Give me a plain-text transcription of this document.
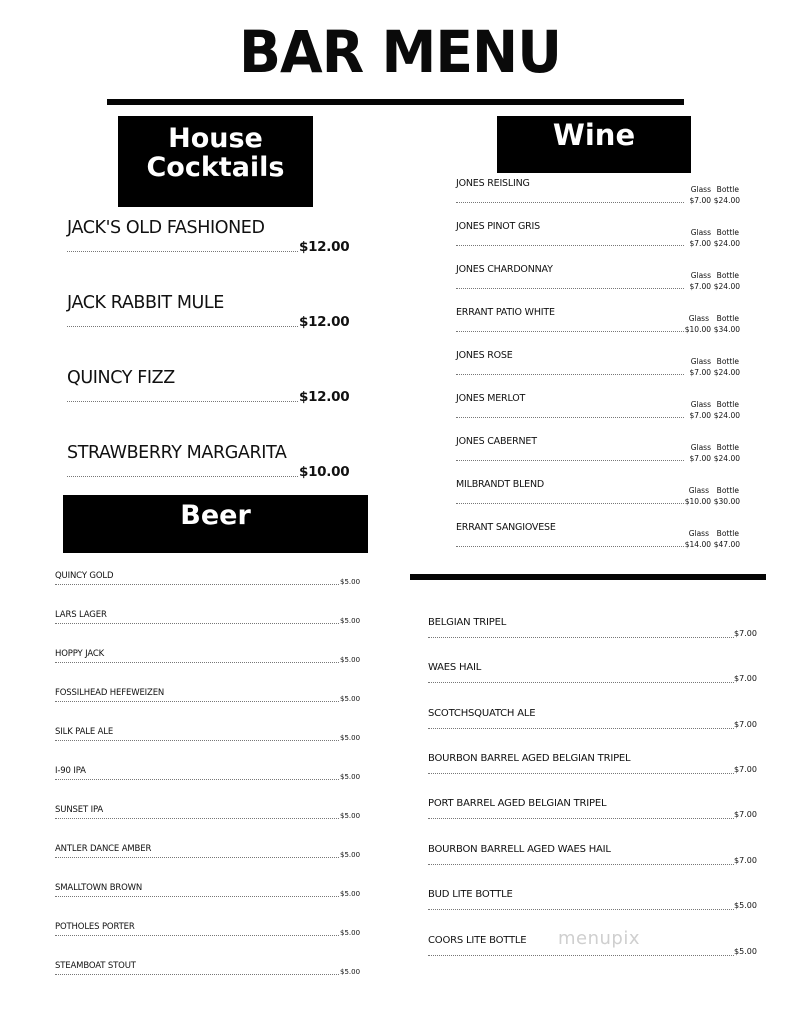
BAR MENU
House
Cocktails
JACK'S OLD FASHIONED
$12.00
JACK RABBIT MULE
$12.00
QUINCY FIZZ
$12.00
STRAWBERRY MARGARITA
$10.00
Wine
JONES REISLING
Glass Bottle
$7.00 $24.00
JONES PINOT GRIS
Glass Bottle
$7.00 $24.00
JONES CHARDONNAY
Glass Bottle
$7.00 $24.00
ERRANT PATIO WHITE
Glass	Bottle
$10.00 $34.00
JONES ROSE
Glass Bottle
$7.00 $24.00
JONES MERLOT
Glass Bottle
$7.00 $24.00
JONES CABERNET
Glass Bottle
$7.00 $24.00
MILBRANDT BLEND
Glass	Bottle
$10.00 $30.00
ERRANT SANGIOVESE
Glass	Bottle
$14.00 $47.00
Beer
QUINCY GOLD
$5.00
LARS LAGER
$5.00
HOPPY JACK
$5.00
FOSSILHEAD HEFEWEIZEN
$5.00
SILK PALE ALE
$5.00
I-90 IPA
$5.00
SUNSET IPA
$5.00
ANTLER DANCE AMBER
$5.00
SMALLTOWN BROWN
$5.00
POTHOLES PORTER
$5.00
STEAMBOAT STOUT
$5.00
BELGIAN TRIPEL
$7.00
WAES HAIL
$7.00
SCOTCHSQUATCH ALE
$7.00
BOURBON BARREL AGED BELGIAN TRIPEL
$7.00
PORT BARREL AGED BELGIAN TRIPEL
$7.00
BOURBON BARRELL AGED WAES HAIL
$7.00
BUD LITE BOTTLE
$5.00
COORS LITE BOTTLE
$5.00
menupix
